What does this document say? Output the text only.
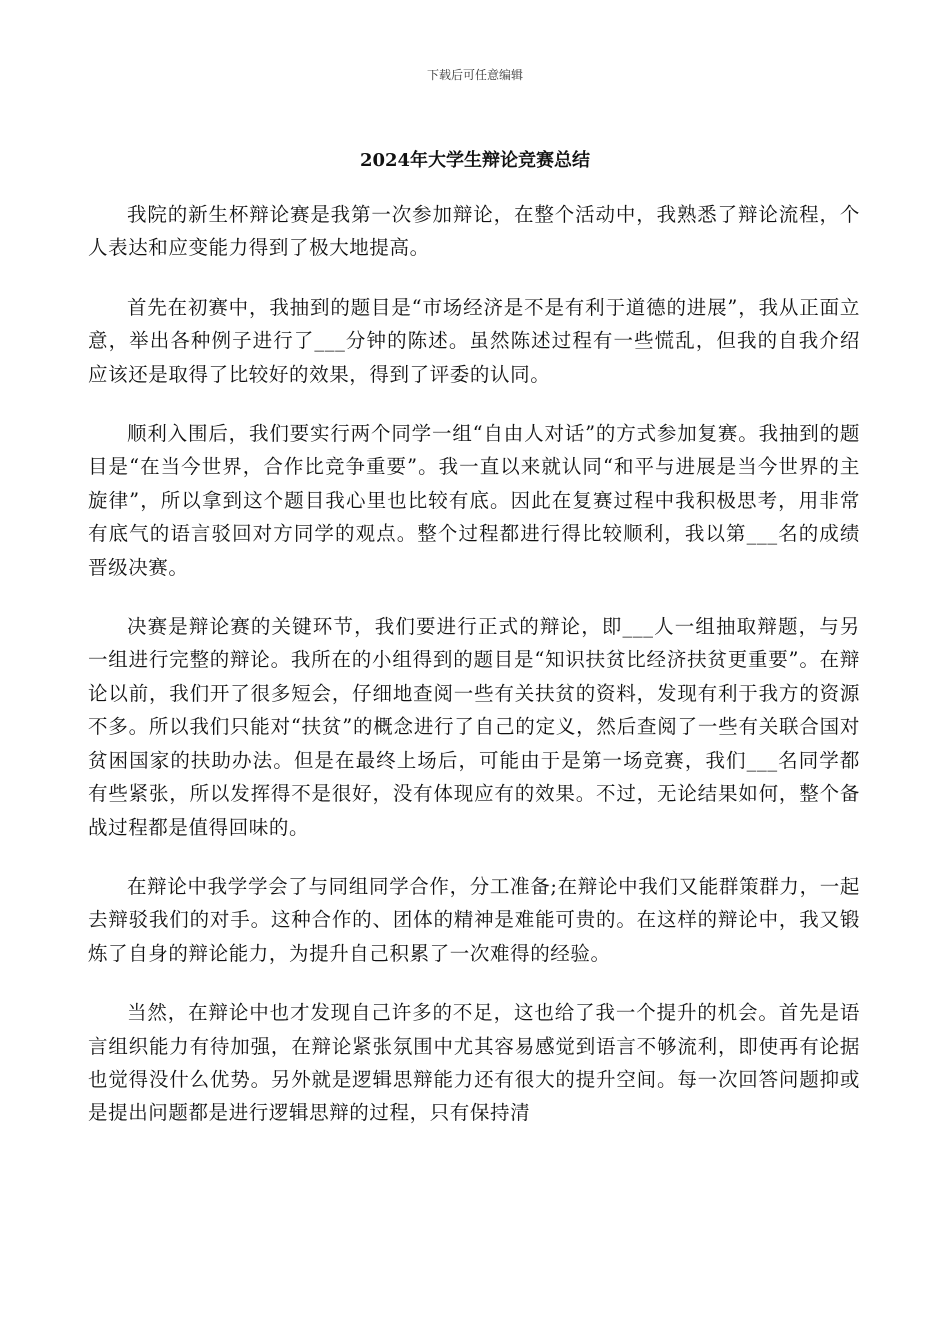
下载后可任意编辑
2024年大学生辩论竞赛总结

我院的新生杯辩论赛是我第一次参加辩论，在整个活动中，我熟悉了辩论流程，个人表达和应变能力得到了极大地提高。

首先在初赛中，我抽到的题目是“市场经济是不是有利于道德的进展”，我从正面立意，举出各种例子进行了___分钟的陈述。虽然陈述过程有一些慌乱，但我的自我介绍应该还是取得了比较好的效果，得到了评委的认同。

顺利入围后，我们要实行两个同学一组“自由人对话”的方式参加复赛。我抽到的题目是“在当今世界，合作比竞争重要”。我一直以来就认同“和平与进展是当今世界的主旋律”，所以拿到这个题目我心里也比较有底。因此在复赛过程中我积极思考，用非常有底气的语言驳回对方同学的观点。整个过程都进行得比较顺利，我以第___名的成绩晋级决赛。

决赛是辩论赛的关键环节，我们要进行正式的辩论，即___人一组抽取辩题，与另一组进行完整的辩论。我所在的小组得到的题目是“知识扶贫比经济扶贫更重要”。在辩论以前，我们开了很多短会，仔细地查阅一些有关扶贫的资料，发现有利于我方的资源不多。所以我们只能对“扶贫”的概念进行了自己的定义，然后查阅了一些有关联合国对贫困国家的扶助办法。但是在最终上场后，可能由于是第一场竞赛，我们___名同学都有些紧张，所以发挥得不是很好，没有体现应有的效果。不过，无论结果如何，整个备战过程都是值得回味的。

在辩论中我学学会了与同组同学合作，分工准备;在辩论中我们又能群策群力，一起去辩驳我们的对手。这种合作的、团体的精神是难能可贵的。在这样的辩论中，我又锻炼了自身的辩论能力，为提升自己积累了一次难得的经验。

当然，在辩论中也才发现自己许多的不足，这也给了我一个提升的机会。首先是语言组织能力有待加强，在辩论紧张氛围中尤其容易感觉到语言不够流利，即使再有论据也觉得没什么优势。另外就是逻辑思辩能力还有很大的提升空间。每一次回答问题抑或是提出问题都是进行逻辑思辩的过程，只有保持清
